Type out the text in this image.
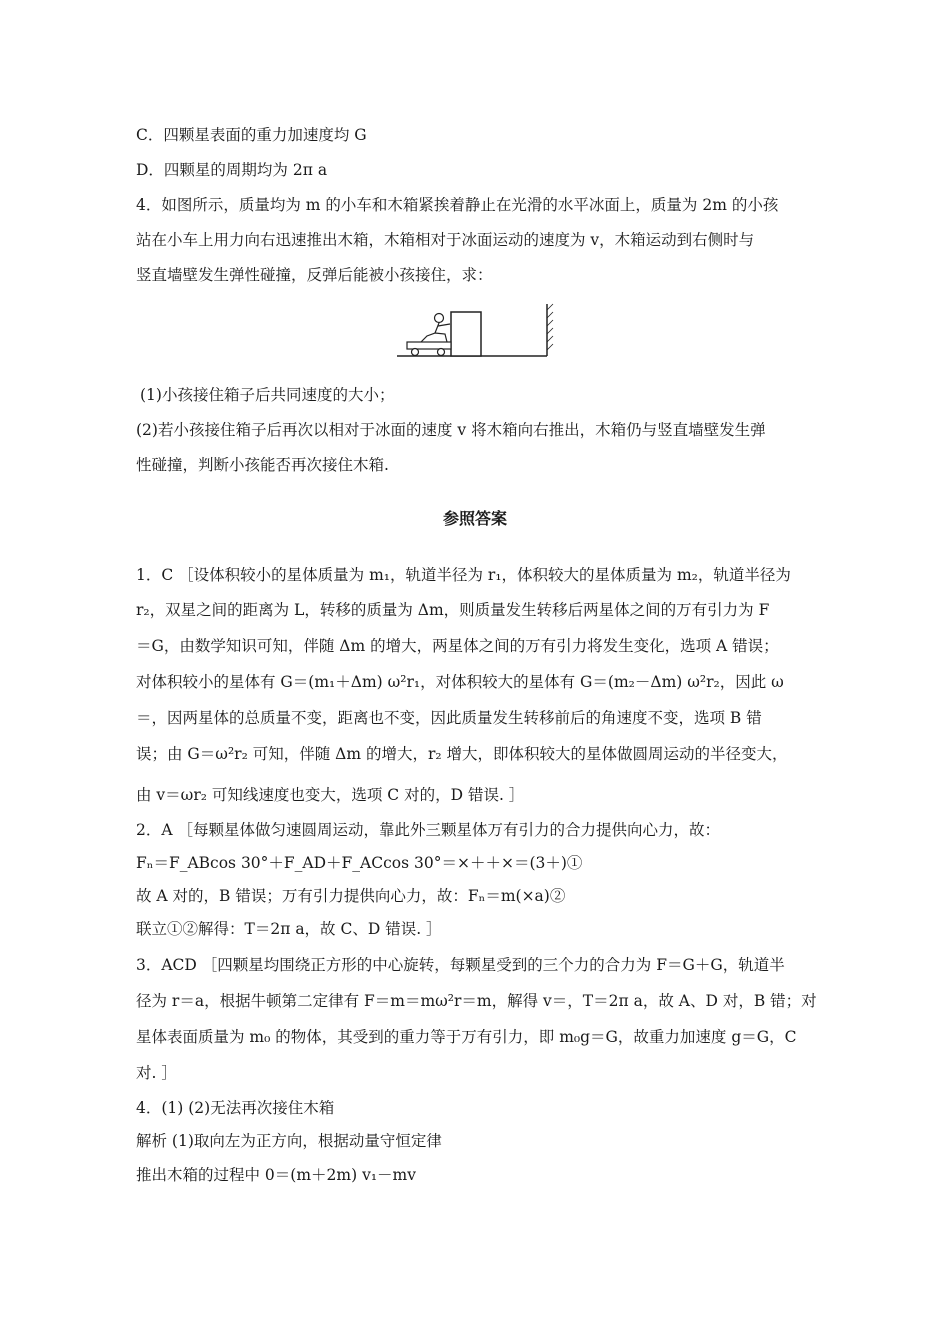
C．四颗星表面的重力加速度均 G
D．四颗星的周期均为 2π a
4．如图所示，质量均为 m 的小车和木箱紧挨着静止在光滑的水平冰面上，质量为 2m 的小孩
站在小车上用力向右迅速推出木箱，木箱相对于冰面运动的速度为 v，木箱运动到右侧时与
竖直墙壁发生弹性碰撞，反弹后能被小孩接住，求：
(1)小孩接住箱子后共同速度的大小；
(2)若小孩接住箱子后再次以相对于冰面的速度 v 将木箱向右推出，木箱仍与竖直墙壁发生弹
性碰撞，判断小孩能否再次接住木箱.
参照答案
1．C ［设体积较小的星体质量为 m₁，轨道半径为 r₁，体积较大的星体质量为 m₂，轨道半径为
r₂，双星之间的距离为 L，转移的质量为 Δm，则质量发生转移后两星体之间的万有引力为 F
＝G，由数学知识可知，伴随 Δm 的增大，两星体之间的万有引力将发生变化，选项 A 错误；
对体积较小的星体有 G＝(m₁＋Δm) ω²r₁，对体积较大的星体有 G＝(m₂－Δm) ω²r₂，因此 ω
＝，因两星体的总质量不变，距离也不变，因此质量发生转移前后的角速度不变，选项 B 错
误；由 G＝ω²r₂ 可知，伴随 Δm 的增大，r₂ 增大，即体积较大的星体做圆周运动的半径变大，
由 v＝ωr₂ 可知线速度也变大，选项 C 对的，D 错误. ］
2．A ［每颗星体做匀速圆周运动，靠此外三颗星体万有引力的合力提供向心力，故：
Fₙ＝F_ABcos 30°＋F_AD＋F_ACcos 30°＝×＋＋×＝(3＋)①
故 A 对的，B 错误；万有引力提供向心力，故：Fₙ＝m(×a)②
联立①②解得：T＝2π a，故 C、D 错误. ］
3．ACD ［四颗星均围绕正方形的中心旋转，每颗星受到的三个力的合力为 F＝G＋G，轨道半
径为 r＝a，根据牛顿第二定律有 F＝m＝mω²r＝m，解得 v＝，T＝2π a，故 A、D 对，B 错；对
星体表面质量为 m₀ 的物体，其受到的重力等于万有引力，即 m₀g＝G，故重力加速度 g＝G，C
对. ］
4．(1) (2)无法再次接住木箱
解析 (1)取向左为正方向，根据动量守恒定律
推出木箱的过程中 0＝(m＋2m) v₁－mv
